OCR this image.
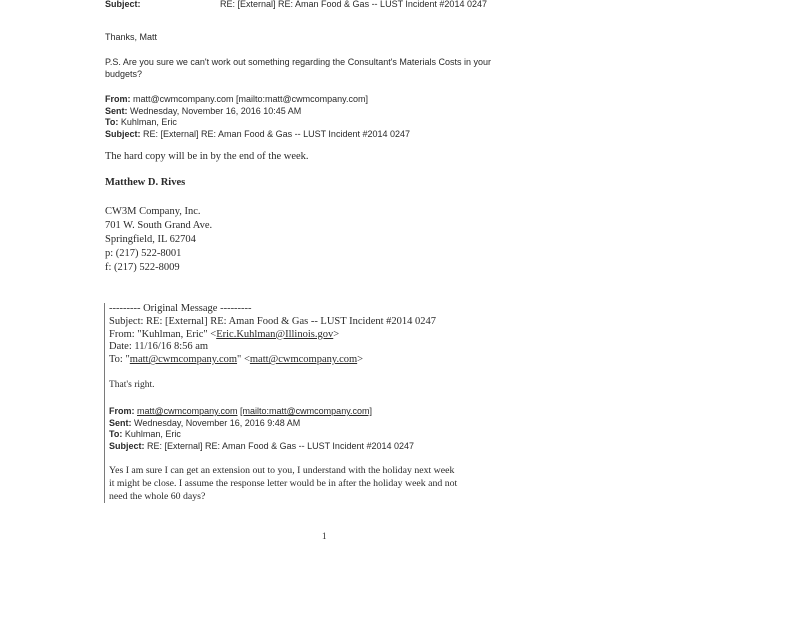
Subject:	RE: [External] RE: Aman Food & Gas -- LUST Incident #2014 0247
Thanks, Matt
P.S. Are you sure we can't work out something regarding the Consultant's Materials Costs in your
budgets?
From: matt@cwmcompany.com [mailto:matt@cwmcompany.com]
Sent: Wednesday, November 16, 2016 10:45 AM
To: Kuhlman, Eric
Subject: RE: [External] RE: Aman Food & Gas -- LUST Incident #2014 0247
The hard copy will be in by the end of the week.
Matthew D. Rives
CW3M Company, Inc.
701 W. South Grand Ave.
Springfield, IL 62704
p: (217) 522-8001
f: (217) 522-8009
--------- Original Message ---------
Subject: RE: [External] RE: Aman Food & Gas -- LUST Incident #2014 0247
From: "Kuhlman, Eric" <Eric.Kuhlman@Illinois.gov>
Date: 11/16/16 8:56 am
To: "matt@cwmcompany.com" <matt@cwmcompany.com>
That's right.
From: matt@cwmcompany.com [mailto:matt@cwmcompany.com]
Sent: Wednesday, November 16, 2016 9:48 AM
To: Kuhlman, Eric
Subject: RE: [External] RE: Aman Food & Gas -- LUST Incident #2014 0247
Yes I am sure I can get an extension out to you, I understand with the holiday next week
it might be close. I assume the response letter would be in after the holiday week and not
need the whole 60 days?
1
